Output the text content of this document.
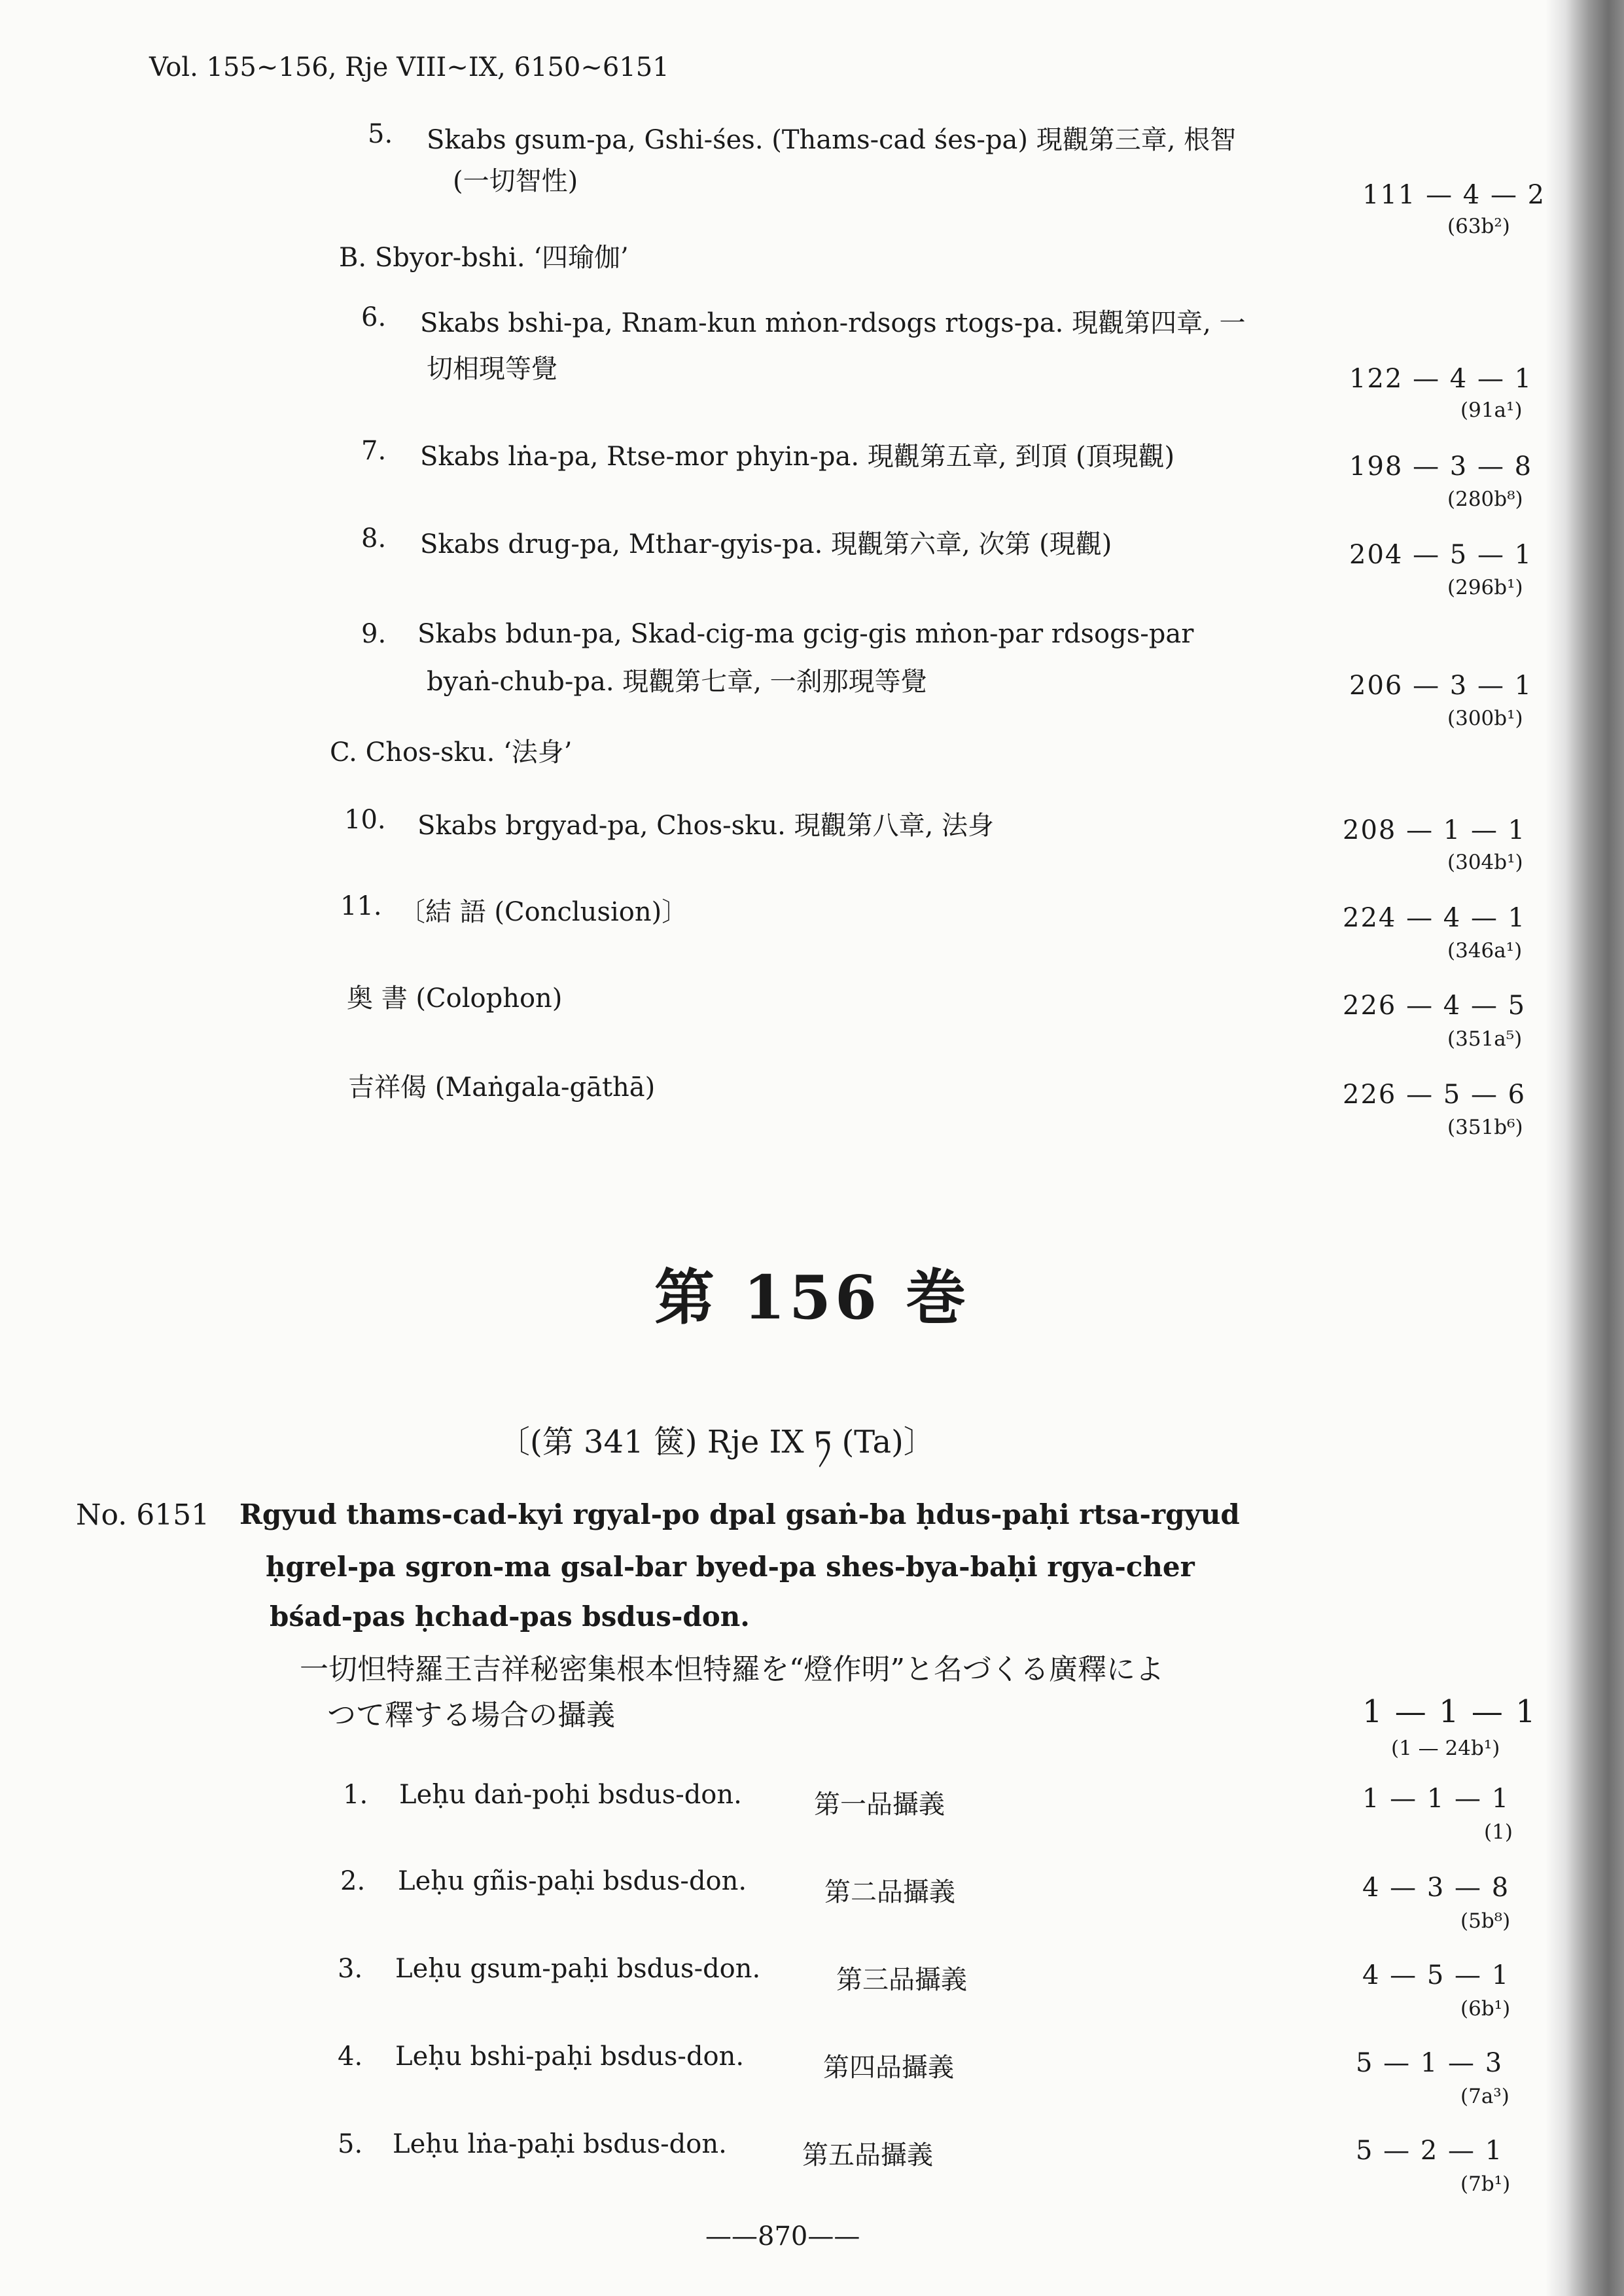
Vol. 155~156, Rje VIII~IX, 6150~6151
5. Skabs gsum-pa, Gshi-śes. (Thams-cad śes-pa) 現觀第三章, 根智
(一切智性)	111 — 4 — 2
(63b²)
B. Sbyor-bshi. ‘四瑜伽’
6. Skabs bshi-pa, Rnam-kun mṅon-rdsogs rtogs-pa. 現觀第四章, 一
切相現等覺	122 — 4 — 1
(91a¹)
7. Skabs lṅa-pa, Rtse-mor phyin-pa. 現觀第五章, 到頂 (頂現觀)	198 — 3 — 8
(280b⁸)
8. Skabs drug-pa, Mthar-gyis-pa. 現觀第六章, 次第 (現觀)	204 — 5 — 1
(296b¹)
9. Skabs bdun-pa, Skad-cig-ma gcig-gis mṅon-par rdsogs-par
byaṅ-chub-pa. 現觀第七章, 一刹那現等覺	206 — 3 — 1
(300b¹)
C. Chos-sku. ‘法身’
10. Skabs brgyad-pa, Chos-sku. 現觀第八章, 法身	208 — 1 — 1
(304b¹)
11. 〔結 語 (Conclusion)〕	224 — 4 — 1
(346a¹)
奥 書 (Colophon)	226 — 4 — 5
(351a⁵)
吉祥偈 (Maṅgala-gāthā)	226 — 5 — 6
(351b⁶)
第 156 巻
〔(第 341 篋) Rje IX ཏ (Ta)〕
No. 6151 Rgyud thams-cad-kyi rgyal-po dpal gsaṅ-ba ḥdus-paḥi rtsa-rgyud
ḥgrel-pa sgron-ma gsal-bar byed-pa shes-bya-baḥi rgya-cher
bśad-pas ḥchad-pas bsdus-don.
一切怛特羅王吉祥秘密集根本怛特羅を“燈作明”と名づくる廣釋によ
つて釋する場合の攝義	1 — 1 — 1
(1 — 24b¹)
1. Leḥu daṅ-poḥi bsdus-don.	第一品攝義	1 — 1 — 1
(1)
2. Leḥu gñis-paḥi bsdus-don.	第二品攝義	4 — 3 — 8
(5b⁸)
3. Leḥu gsum-paḥi bsdus-don.	第三品攝義	4 — 5 — 1
(6b¹)
4. Leḥu bshi-paḥi bsdus-don.	第四品攝義	5 — 1 — 3
(7a³)
5. Leḥu lṅa-paḥi bsdus-don.	第五品攝義	5 — 2 — 1
(7b¹)
——870——
